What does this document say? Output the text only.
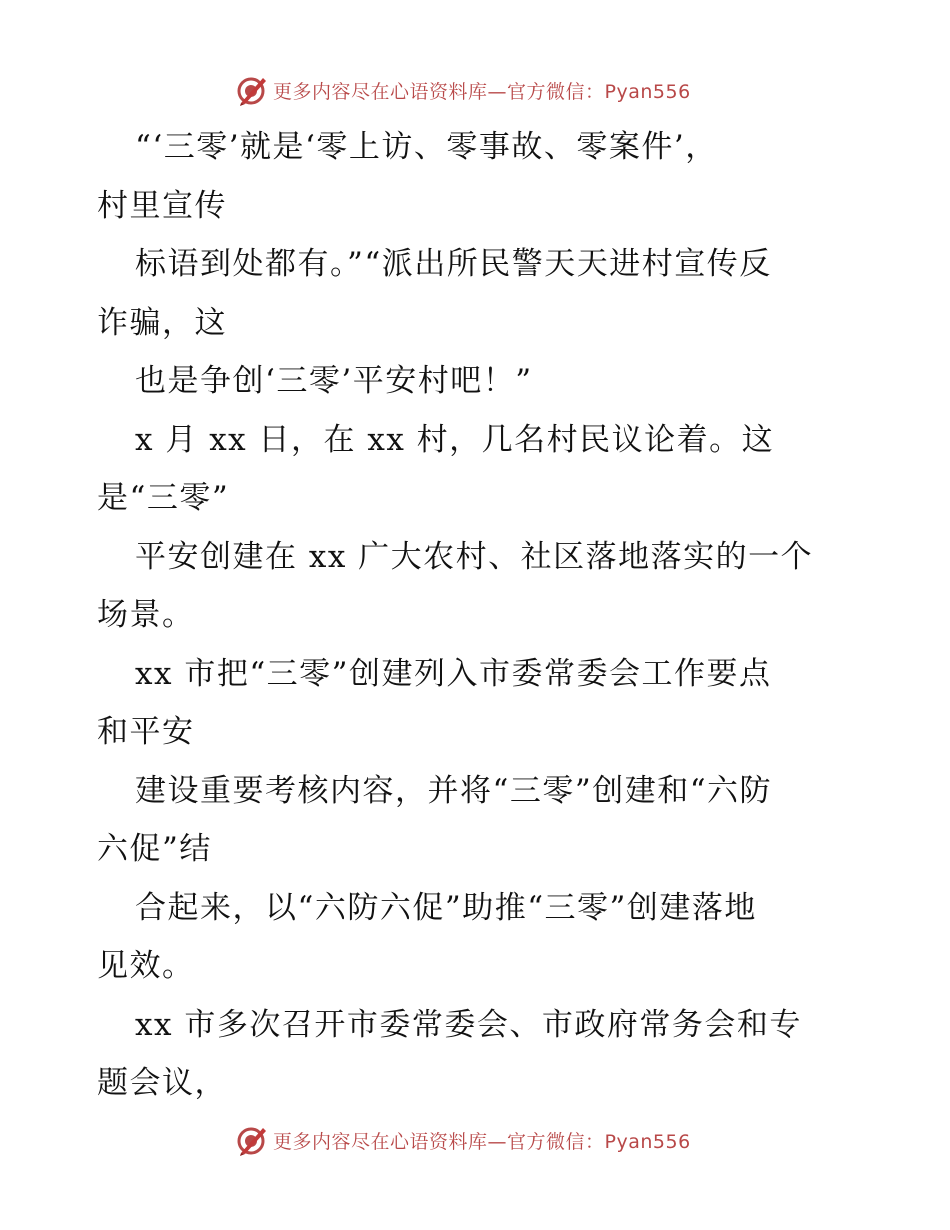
更多内容尽在心语资料库—官方微信：Pyan556
“‘三零’就是‘零上访、零事故、零案件’，
村里宣传
标语到处都有。”“派出所民警天天进村宣传反
诈骗，这
也是争创‘三零’平安村吧！”
x 月 xx 日，在 xx 村，几名村民议论着。这
是“三零”
平安创建在 xx 广大农村、社区落地落实的一个
场景。
xx 市把“三零”创建列入市委常委会工作要点
和平安
建设重要考核内容，并将“三零”创建和“六防
六促”结
合起来，以“六防六促”助推“三零”创建落地
见效。
xx 市多次召开市委常委会、市政府常务会和专
题会议，
更多内容尽在心语资料库—官方微信：Pyan556
